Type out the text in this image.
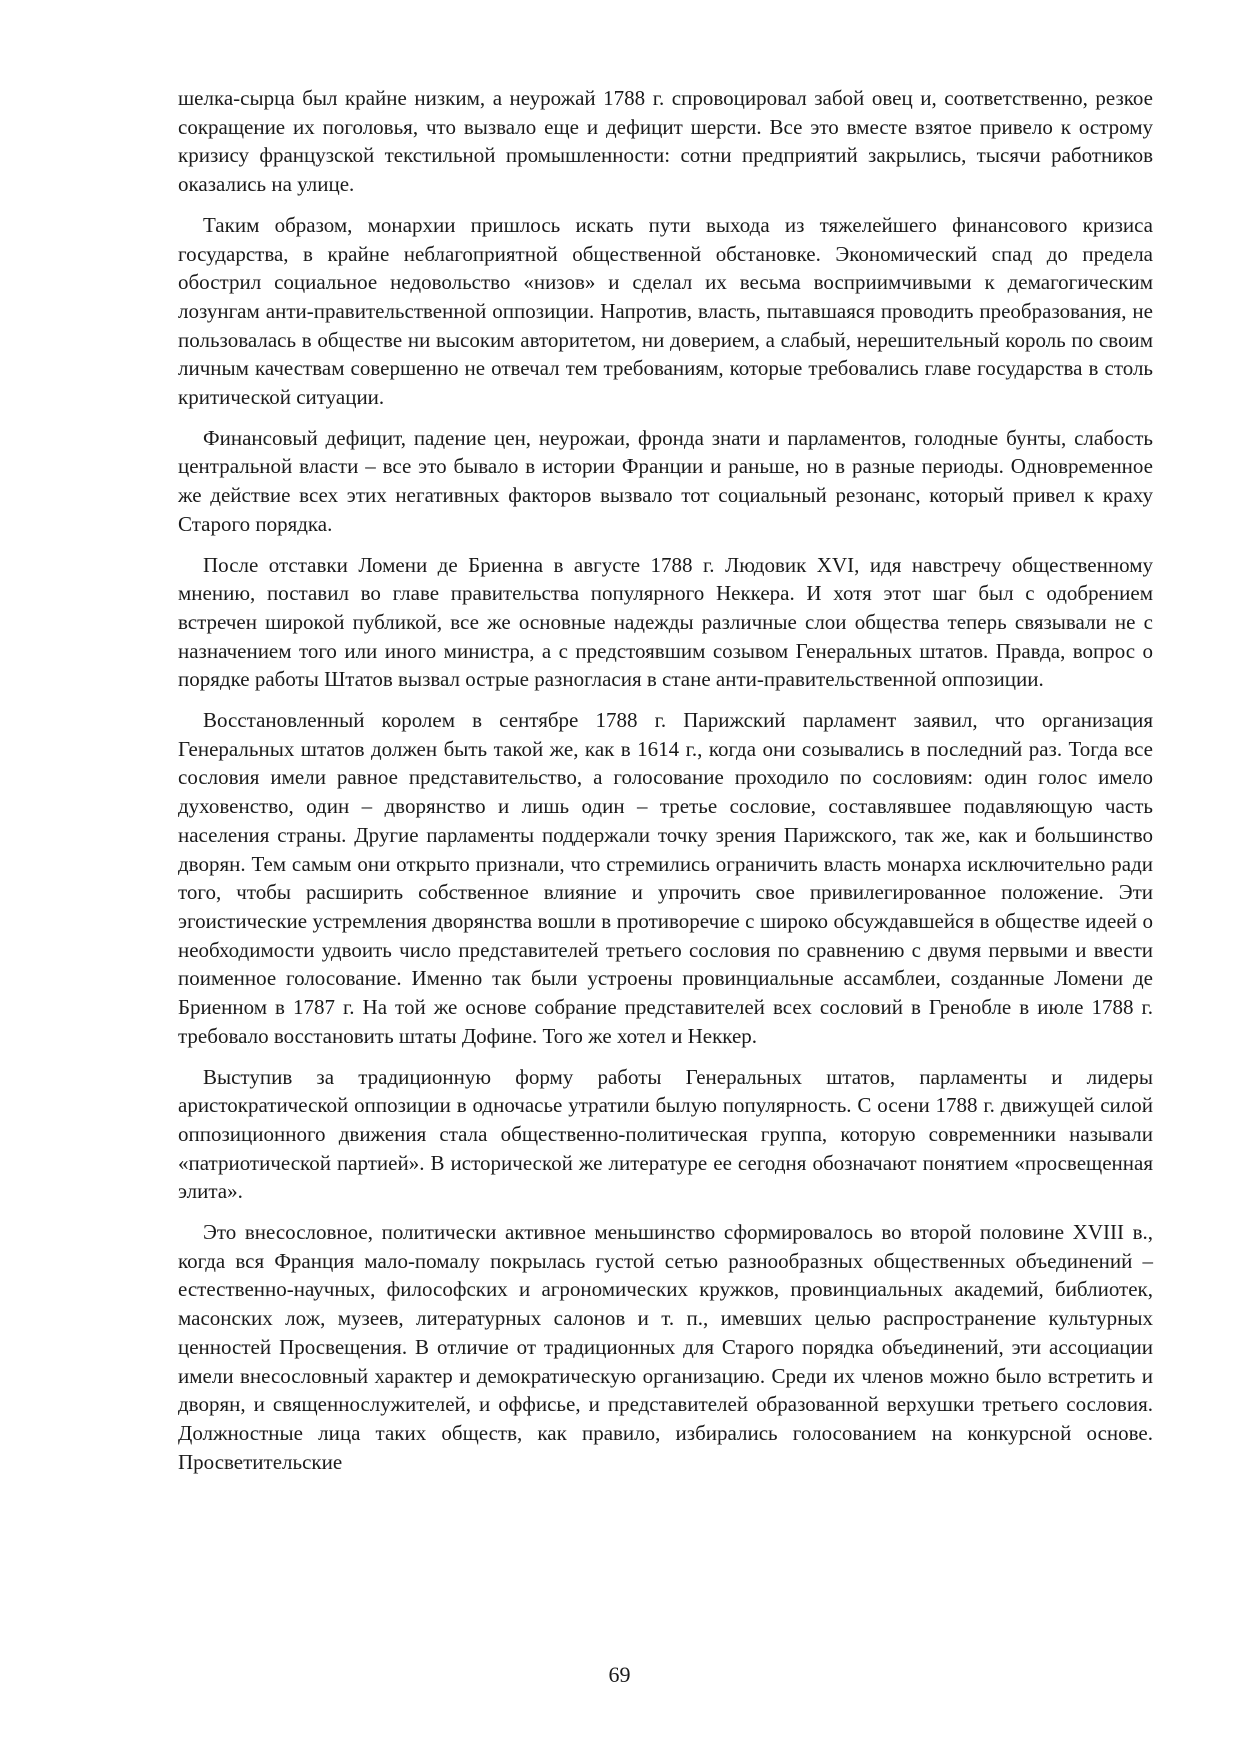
шелка-сырца был крайне низким, а неурожай 1788 г. спровоцировал забой овец и, соответственно, резкое сокращение их поголовья, что вызвало еще и дефицит шерсти. Все это вместе взятое привело к острому кризису французской текстильной промышленности: сотни предприятий закрылись, тысячи работников оказались на улице.

Таким образом, монархии пришлось искать пути выхода из тяжелейшего финансового кризиса государства, в крайне неблагоприятной общественной обстановке. Экономический спад до предела обострил социальное недовольство «низов» и сделал их весьма восприимчивыми к демагогическим лозунгам анти-правительственной оппозиции. Напротив, власть, пытавшаяся проводить преобразования, не пользовалась в обществе ни высоким авторитетом, ни доверием, а слабый, нерешительный король по своим личным качествам совершенно не отвечал тем требованиям, которые требовались главе государства в столь критической ситуации.

Финансовый дефицит, падение цен, неурожаи, фронда знати и парламентов, голодные бунты, слабость центральной власти – все это бывало в истории Франции и раньше, но в разные периоды. Одновременное же действие всех этих негативных факторов вызвало тот социальный резонанс, который привел к краху Старого порядка.

После отставки Ломени де Бриенна в августе 1788 г. Людовик XVI, идя навстречу общественному мнению, поставил во главе правительства популярного Неккера. И хотя этот шаг был с одобрением встречен широкой публикой, все же основные надежды различные слои общества теперь связывали не с назначением того или иного министра, а с предстоявшим созывом Генеральных штатов. Правда, вопрос о порядке работы Штатов вызвал острые разногласия в стане анти-правительственной оппозиции.

Восстановленный королем в сентябре 1788 г. Парижский парламент заявил, что организация Генеральных штатов должен быть такой же, как в 1614 г., когда они созывались в последний раз. Тогда все сословия имели равное представительство, а голосование проходило по сословиям: один голос имело духовенство, один – дворянство и лишь один – третье сословие, составлявшее подавляющую часть населения страны. Другие парламенты поддержали точку зрения Парижского, так же, как и большинство дворян. Тем самым они открыто признали, что стремились ограничить власть монарха исключительно ради того, чтобы расширить собственное влияние и упрочить свое привилегированное положение. Эти эгоистические устремления дворянства вошли в противоречие с широко обсуждавшейся в обществе идеей о необходимости удвоить число представителей третьего сословия по сравнению с двумя первыми и ввести поименное голосование. Именно так были устроены провинциальные ассамблеи, созданные Ломени де Бриенном в 1787 г. На той же основе собрание представителей всех сословий в Гренобле в июле 1788 г. требовало восстановить штаты Дофине. Того же хотел и Неккер.

Выступив за традиционную форму работы Генеральных штатов, парламенты и лидеры аристократической оппозиции в одночасье утратили былую популярность. С осени 1788 г. движущей силой оппозиционного движения стала общественно-политическая группа, которую современники называли «патриотической партией». В исторической же литературе ее сегодня обозначают понятием «просвещенная элита».

Это внесословное, политически активное меньшинство сформировалось во второй половине XVIII в., когда вся Франция мало-помалу покрылась густой сетью разнообразных общественных объединений – естественно-научных, философских и агрономических кружков, провинциальных академий, библиотек, масонских лож, музеев, литературных салонов и т. п., имевших целью распространение культурных ценностей Просвещения. В отличие от традиционных для Старого порядка объединений, эти ассоциации имели внесословный характер и демократическую организацию. Среди их членов можно было встретить и дворян, и священнослужителей, и оффисье, и представителей образованной верхушки третьего сословия. Должностные лица таких обществ, как правило, избирались голосованием на конкурсной основе. Просветительские

69
